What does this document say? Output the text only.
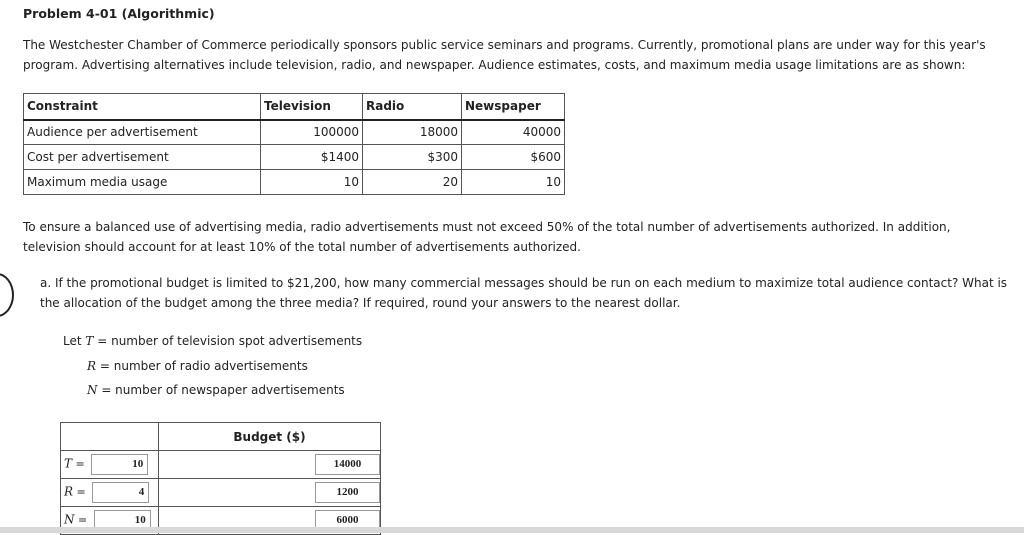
Problem 4-01 (Algorithmic)

The Westchester Chamber of Commerce periodically sponsors public service seminars and programs. Currently, promotional plans are under way for this year's program. Advertising alternatives include television, radio, and newspaper. Audience estimates, costs, and maximum media usage limitations are as shown:

Constraint	Television	Radio	Newspaper
Audience per advertisement	100000	18000	40000
Cost per advertisement	$1400	$300	$600
Maximum media usage	10	20	10

To ensure a balanced use of advertising media, radio advertisements must not exceed 50% of the total number of advertisements authorized. In addition, television should account for at least 10% of the total number of advertisements authorized.

a. If the promotional budget is limited to $21,200, how many commercial messages should be run on each medium to maximize total audience contact? What is the allocation of the budget among the three media? If required, round your answers to the nearest dollar.

Let T = number of television spot advertisements
R = number of radio advertisements
N = number of newspaper advertisements
	Budget ($)
T = 10	14000
R = 4	1200
N = 10	6000
